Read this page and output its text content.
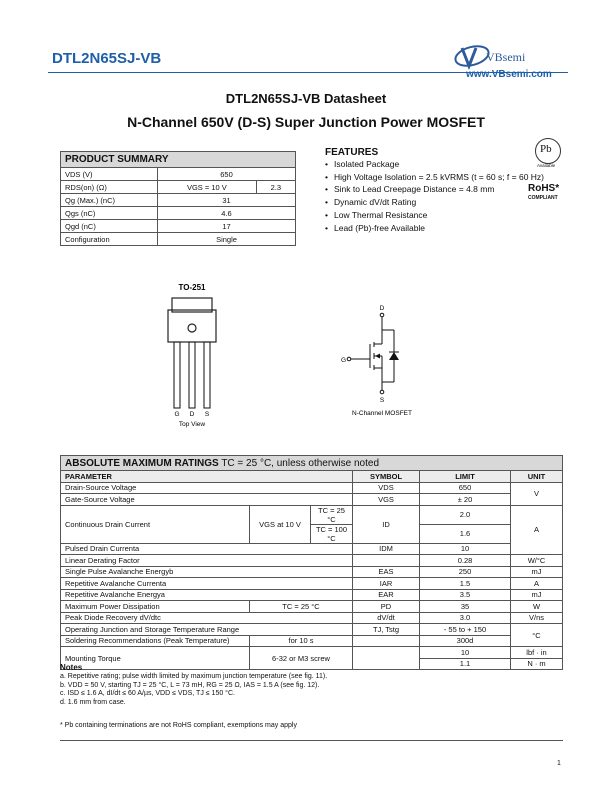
DTL2N65SJ-VB	VBsemi
www.VBsemi.com
DTL2N65SJ-VB Datasheet
N-Channel 650V (D-S) Super Junction Power MOSFET
PRODUCT SUMMARY		
VDS (V)	650	
RDS(on) (Ω)	VGS = 10 V	2.3
Qg (Max.) (nC)	31	
Qgs (nC)	4.6	
Qgd (nC)	17	
Configuration	Single	
FEATURES
• Isolated Package
• High Voltage Isolation = 2.5 kVRMS (t = 60 s; f = 60 Hz)
• Sink to Lead Creepage Distance = 4.8 mm
• Dynamic dV/dt Rating
• Low Thermal Resistance
• Lead (Pb)-free Available
Pb
Available
RoHS*
COMPLIANT
TO-251
G D S
Top View
D
G
S
N-Channel MOSFET
ABSOLUTE MAXIMUM RATINGS TC = 25 °C, unless otherwise noted					
PARAMETER			SYMBOL	LIMIT	UNIT
Drain-Source Voltage			VDS	650	V
Gate-Source Voltage			VGS	± 20	
Continuous Drain Current	VGS at 10 V	TC = 25 °C	ID	2.0	A
		TC = 100 °C		1.6	
Pulsed Drain Currenta			IDM	10	
Linear Derating Factor				0.28	W/°C
Single Pulse Avalanche Energyb			EAS	250	mJ
Repetitive Avalanche Currenta			IAR	1.5	A
Repetitive Avalanche Energya			EAR	3.5	mJ
Maximum Power Dissipation	TC = 25 °C		PD	35	W
Peak Diode Recovery dV/dtc			dV/dt	3.0	V/ns
Operating Junction and Storage Temperature Range			TJ, Tstg	- 55 to + 150	°C
Soldering Recommendations (Peak Temperature)	for 10 s			300d	
Mounting Torque	6-32 or M3 screw			10	lbf · in
				1.1	N · m
Notes
a. Repetitive rating; pulse width limited by maximum junction temperature (see fig. 11).
b. VDD = 50 V, starting TJ = 25 °C, L = 73 mH, RG = 25 Ω, IAS = 1.5 A (see fig. 12).
c. ISD ≤ 1.6 A, dI/dt ≤ 60 A/µs, VDD ≤ VDS, TJ ≤ 150 °C.
d. 1.6 mm from case.
* Pb containing terminations are not RoHS compliant, exemptions may apply
1
